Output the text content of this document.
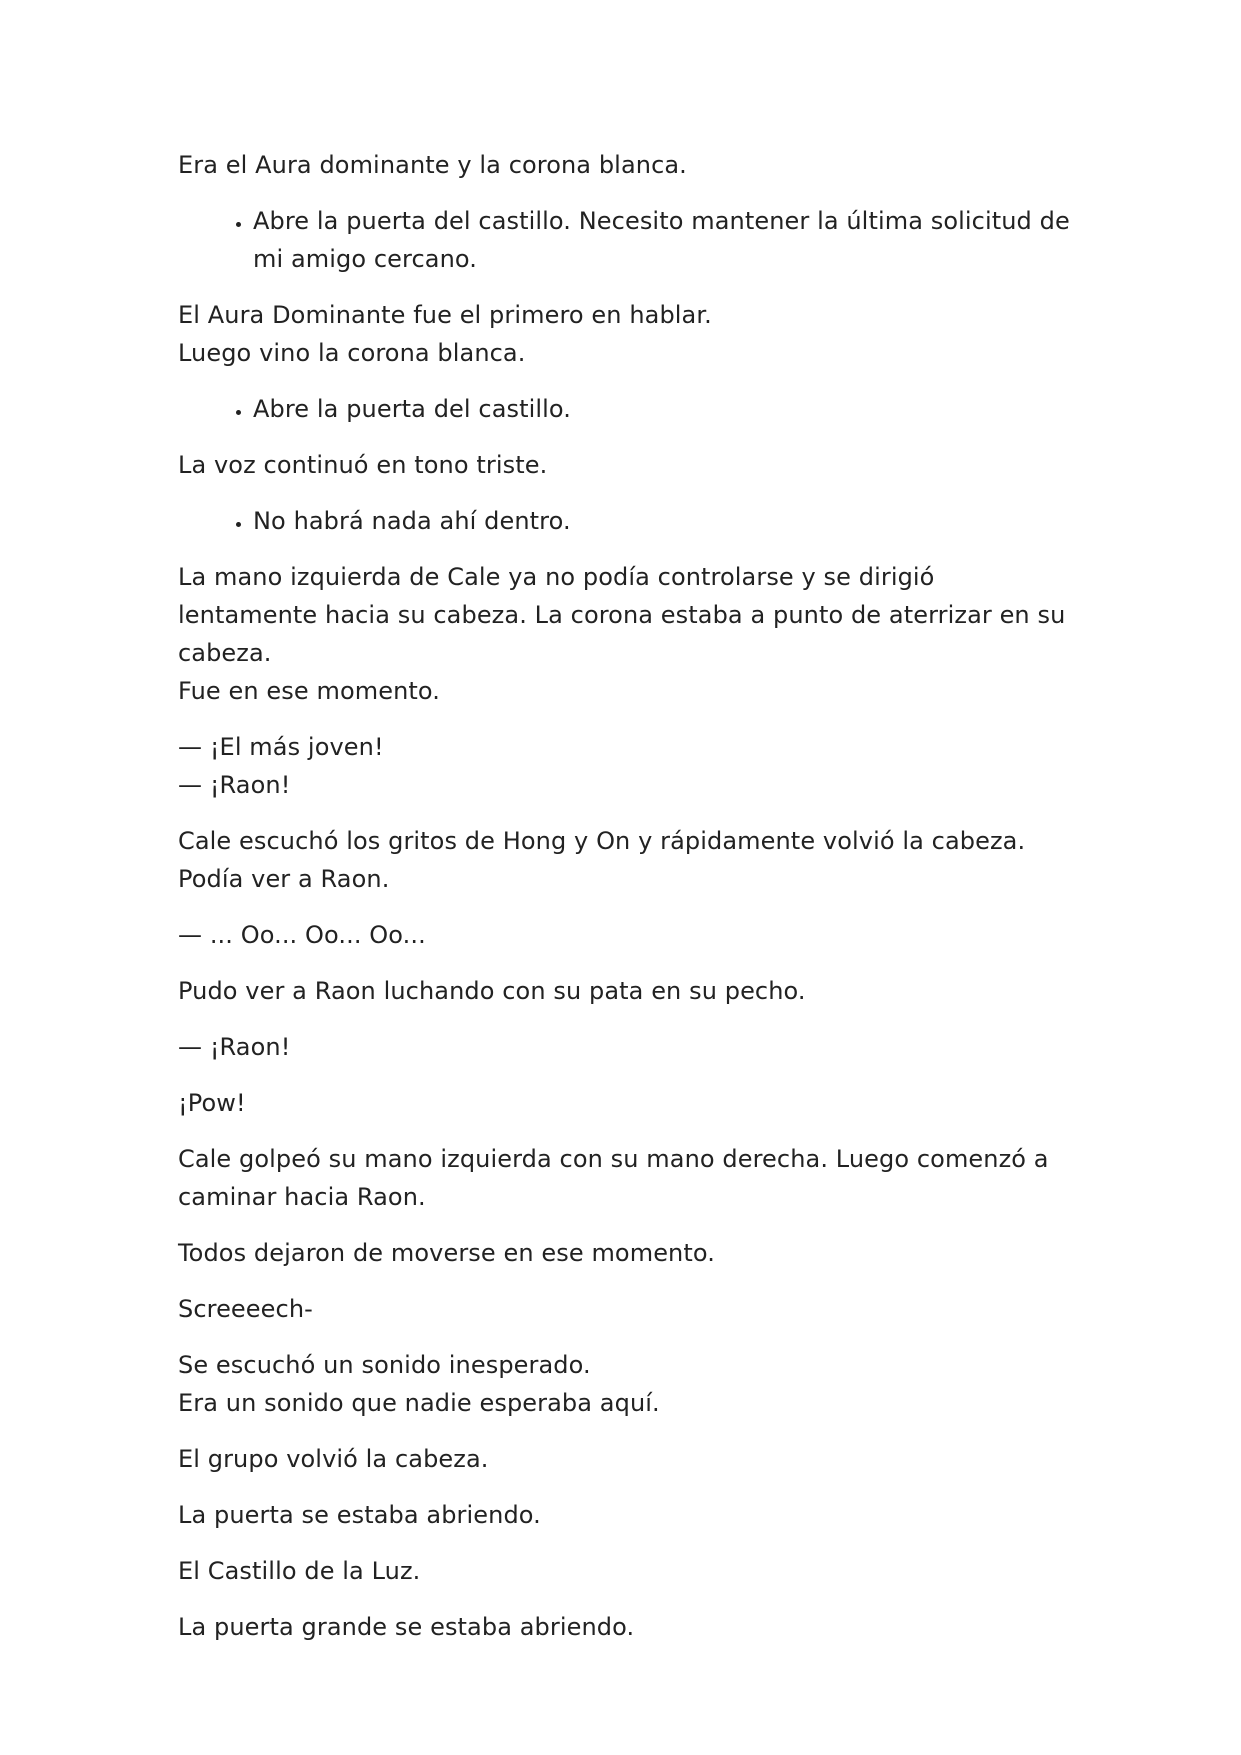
Era el Aura dominante y la corona blanca.

• Abre la puerta del castillo. Necesito mantener la última solicitud de mi amigo cercano.

El Aura Dominante fue el primero en hablar.
Luego vino la corona blanca.

• Abre la puerta del castillo.

La voz continuó en tono triste.

• No habrá nada ahí dentro.

La mano izquierda de Cale ya no podía controlarse y se dirigió lentamente hacia su cabeza. La corona estaba a punto de aterrizar en su cabeza.
Fue en ese momento.

— ¡El más joven!
— ¡Raon!

Cale escuchó los gritos de Hong y On y rápidamente volvió la cabeza.
Podía ver a Raon.

— ... Oo... Oo... Oo...

Pudo ver a Raon luchando con su pata en su pecho.

— ¡Raon!

¡Pow!

Cale golpeó su mano izquierda con su mano derecha. Luego comenzó a caminar hacia Raon.

Todos dejaron de moverse en ese momento.

Screeeech-

Se escuchó un sonido inesperado.
Era un sonido que nadie esperaba aquí.

El grupo volvió la cabeza.

La puerta se estaba abriendo.

El Castillo de la Luz.

La puerta grande se estaba abriendo.
